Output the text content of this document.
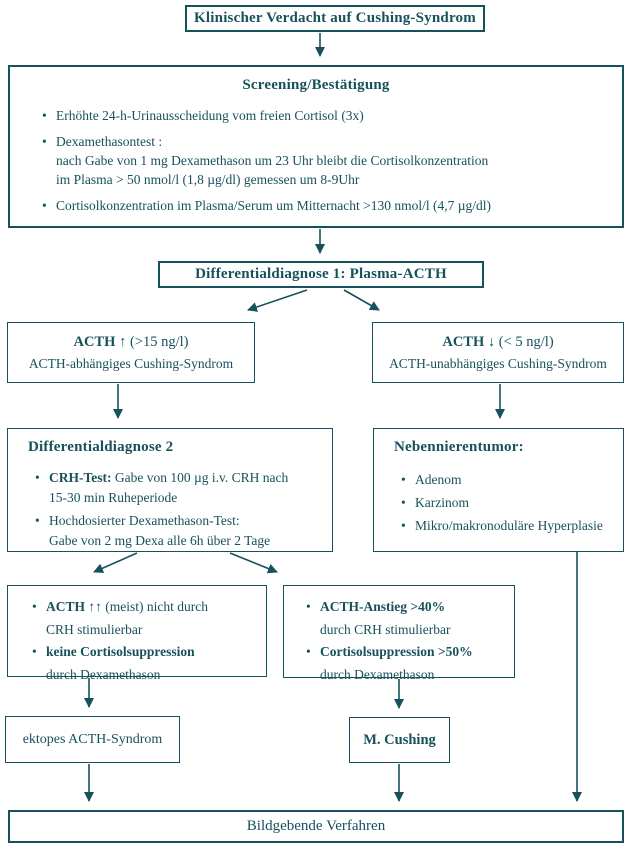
Klinischer Verdacht auf Cushing-Syndrom
Screening/Bestätigung
• Erhöhte 24-h-Urinausscheidung vom freien Cortisol (3x)
• Dexamethasontest :
nach Gabe von 1 mg Dexamethason um 23 Uhr bleibt die Cortisolkonzentration
im Plasma > 50 nmol/l (1,8 µg/dl) gemessen um 8-9Uhr
• Cortisolkonzentration im Plasma/Serum um Mitternacht >130 nmol/l (4,7 µg/dl)
Differentialdiagnose 1: Plasma-ACTH
ACTH ↑ (>15 ng/l)
ACTH-abhängiges Cushing-Syndrom
ACTH ↓ (< 5 ng/l)
ACTH-unabhängiges Cushing-Syndrom
Differentialdiagnose 2
• CRH-Test: Gabe von 100 µg i.v. CRH nach
15-30 min Ruheperiode
• Hochdosierter Dexamethason-Test:
Gabe von 2 mg Dexa alle 6h über 2 Tage
Nebennierentumor:
• Adenom
• Karzinom
• Mikro/makronoduläre Hyperplasie
• ACTH ↑↑ (meist) nicht durch
CRH stimulierbar
• keine Cortisolsuppression
durch Dexamethason
• ACTH-Anstieg >40%
durch CRH stimulierbar
• Cortisolsuppression >50%
durch Dexamethason
ektopes ACTH-Syndrom	M. Cushing
Bildgebende Verfahren
